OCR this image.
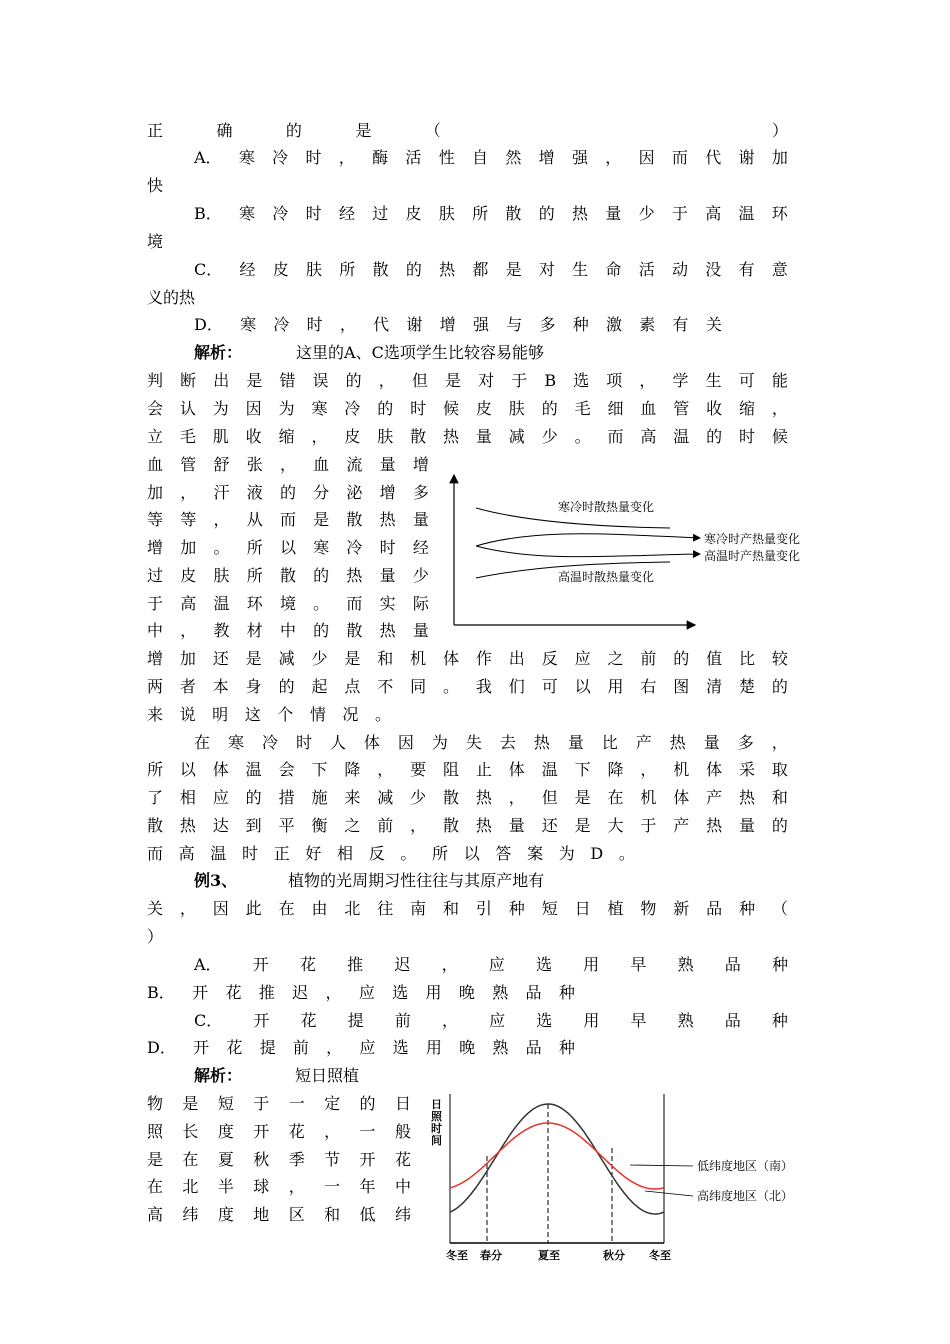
正	确	的	是	（

　	）
A． 寒 冷 时 ， 酶 活 性 自 然 增 强 ， 因 而 代 谢 加
快
B． 寒 冷 时 经 过 皮 肤 所 散 的 热 量 少 于 高 温 环
境
C． 经 皮 肤 所 散 的 热 都 是 对 生 命 活 动 没 有 意
义的热
D． 寒 冷 时 ， 代 谢 增 强 与 多 种 激 素 有 关
解析：	这里的A、C选项学生比较容易能够
判 断 出 是 错 误 的 ， 但 是 对 于 B 选 项 ， 学 生 可 能
会 认 为 因 为 寒 冷 的 时 候 皮 肤 的 毛 细 血 管 收 缩 ，
立 毛 肌 收 缩 ， 皮 肤 散 热 量 减 少 。 而 高 温 的 时 候
血 管 舒 张 ， 血 流 量 增
加 ， 汗 液 的 分 泌 增 多
等 等 ， 从 而 是 散 热 量
增 加 。 所 以 寒 冷 时 经
过 皮 肤 所 散 的 热 量 少
于 高 温 环 境 。 而 实 际
中 ， 教 材 中 的 散 热 量
增 加 还 是 减 少 是 和 机 体 作 出 反 应 之 前 的 值 比 较
两 者 本 身 的 起 点 不 同 。 我 们 可 以 用 右 图 清 楚 的
来 说 明 这 个 情 况 。
在 寒 冷 时 人 体 因 为 失 去 热 量 比 产 热 量 多 ，
所 以 体 温 会 下 降 ， 要 阻 止 体 温 下 降 ， 机 体 采 取
了 相 应 的 措 施 来 减 少 散 热 ， 但 是 在 机 体 产 热 和
散 热 达 到 平 衡 之 前 ， 散 热 量 还 是 大 于 产 热 量 的
而 高 温 时 正 好 相 反 。 所 以 答 案 为 D 。
例3、	植物的光周期习性往往与其原产地有
关 ， 因 此 在 由 北 往 南 和 引 种 短 日 植 物 新 品 种 （
）
A． 开 花 推 迟 ， 应 选 用 早 熟 品 种
B． 开 花 推 迟 ， 应 选 用 晚 熟 品 种
C． 开 花 提 前 ， 应 选 用 早 熟 品 种
D． 开 花 提 前 ， 应 选 用 晚 熟 品 种
解析：	短日照植
物 是 短 于 一 定 的 日
照 长 度 开 花 ， 一 般
是 在 夏 秋 季 节 开 花
在 北 半 球 ， 一 年 中
高 纬 度 地 区 和 低 纬
寒冷时散热量变化
寒冷时产热量变化
高温时产热量变化
高温时散热量变化
日
照
时
间
低纬度地区（南）
高纬度地区（北）
冬至 春分	夏至	秋分 冬至
